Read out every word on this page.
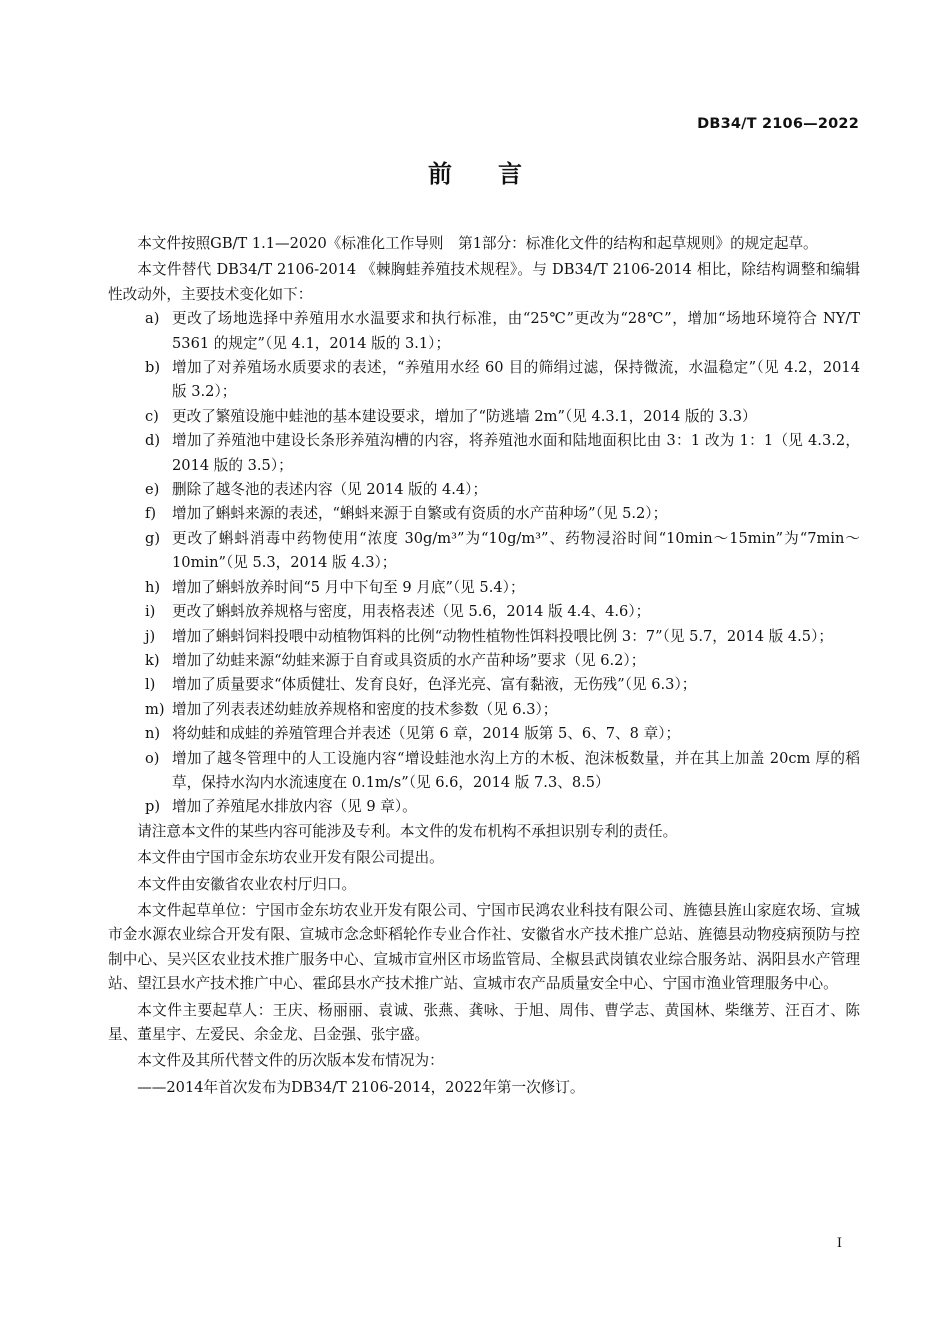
DB34/T 2106—2022
前言

本文件按照GB/T 1.1—2020《标准化工作导则　第1部分：标准化文件的结构和起草规则》的规定起草。

本文件替代 DB34/T 2106-2014 《棘胸蛙养殖技术规程》。与 DB34/T 2106-2014 相比，除结构调整和编辑性改动外，主要技术变化如下：

a) 更改了场地选择中养殖用水水温要求和执行标准，由“25℃”更改为“28℃”，增加“场地环境符合 NY/T 5361 的规定”（见 4.1，2014 版的 3.1）；

b) 增加了对养殖场水质要求的表述，“养殖用水经 60 目的筛绢过滤，保持微流，水温稳定”（见 4.2，2014 版 3.2）；

c) 更改了繁殖设施中蛙池的基本建设要求，增加了“防逃墙 2m”（见 4.3.1，2014 版的 3.3）

d) 增加了养殖池中建设长条形养殖沟槽的内容，将养殖池水面和陆地面积比由 3：1 改为 1：1（见 4.3.2，2014 版的 3.5）；

e) 删除了越冬池的表述内容（见 2014 版的 4.4）；

f) 增加了蝌蚪来源的表述，“蝌蚪来源于自繁或有资质的水产苗种场”（见 5.2）；

g) 更改了蝌蚪消毒中药物使用“浓度 30g/m³”为“10g/m³”、药物浸浴时间“10min～15min”为“7min～10min”（见 5.3，2014 版 4.3）；

h) 增加了蝌蚪放养时间“5 月中下旬至 9 月底”（见 5.4）；

i) 更改了蝌蚪放养规格与密度，用表格表述（见 5.6，2014 版 4.4、4.6）；

j) 增加了蝌蚪饲料投喂中动植物饵料的比例“动物性植物性饵料投喂比例 3：7”（见 5.7，2014 版 4.5）；

k) 增加了幼蛙来源“幼蛙来源于自育或具资质的水产苗种场”要求（见 6.2）；

l) 增加了质量要求“体质健壮、发育良好，色泽光亮、富有黏液，无伤残”（见 6.3）；

m) 增加了列表表述幼蛙放养规格和密度的技术参数（见 6.3）；

n) 将幼蛙和成蛙的养殖管理合并表述（见第 6 章，2014 版第 5、6、7、8 章）；

o) 增加了越冬管理中的人工设施内容“增设蛙池水沟上方的木板、泡沫板数量，并在其上加盖 20cm 厚的稻草，保持水沟内水流速度在 0.1m/s”（见 6.6，2014 版 7.3、8.5）

p) 增加了养殖尾水排放内容（见 9 章）。

请注意本文件的某些内容可能涉及专利。本文件的发布机构不承担识别专利的责任。

本文件由宁国市金东坊农业开发有限公司提出。

本文件由安徽省农业农村厅归口。

本文件起草单位：宁国市金东坊农业开发有限公司、宁国市民鸿农业科技有限公司、旌德县旌山家庭农场、宣城市金水源农业综合开发有限、宣城市念念虾稻轮作专业合作社、安徽省水产技术推广总站、旌德县动物疫病预防与控制中心、吴兴区农业技术推广服务中心、宣城市宣州区市场监管局、全椒县武岗镇农业综合服务站、涡阳县水产管理站、望江县水产技术推广中心、霍邱县水产技术推广站、宣城市农产品质量安全中心、宁国市渔业管理服务中心。

本文件主要起草人：王庆、杨丽丽、袁诚、张燕、龚咏、于旭、周伟、曹学志、黄国林、柴继芳、汪百才、陈星、董星宇、左爱民、余金龙、吕金强、张宇盛。

本文件及其所代替文件的历次版本发布情况为：

——2014年首次发布为DB34/T 2106-2014，2022年第一次修订。

I
